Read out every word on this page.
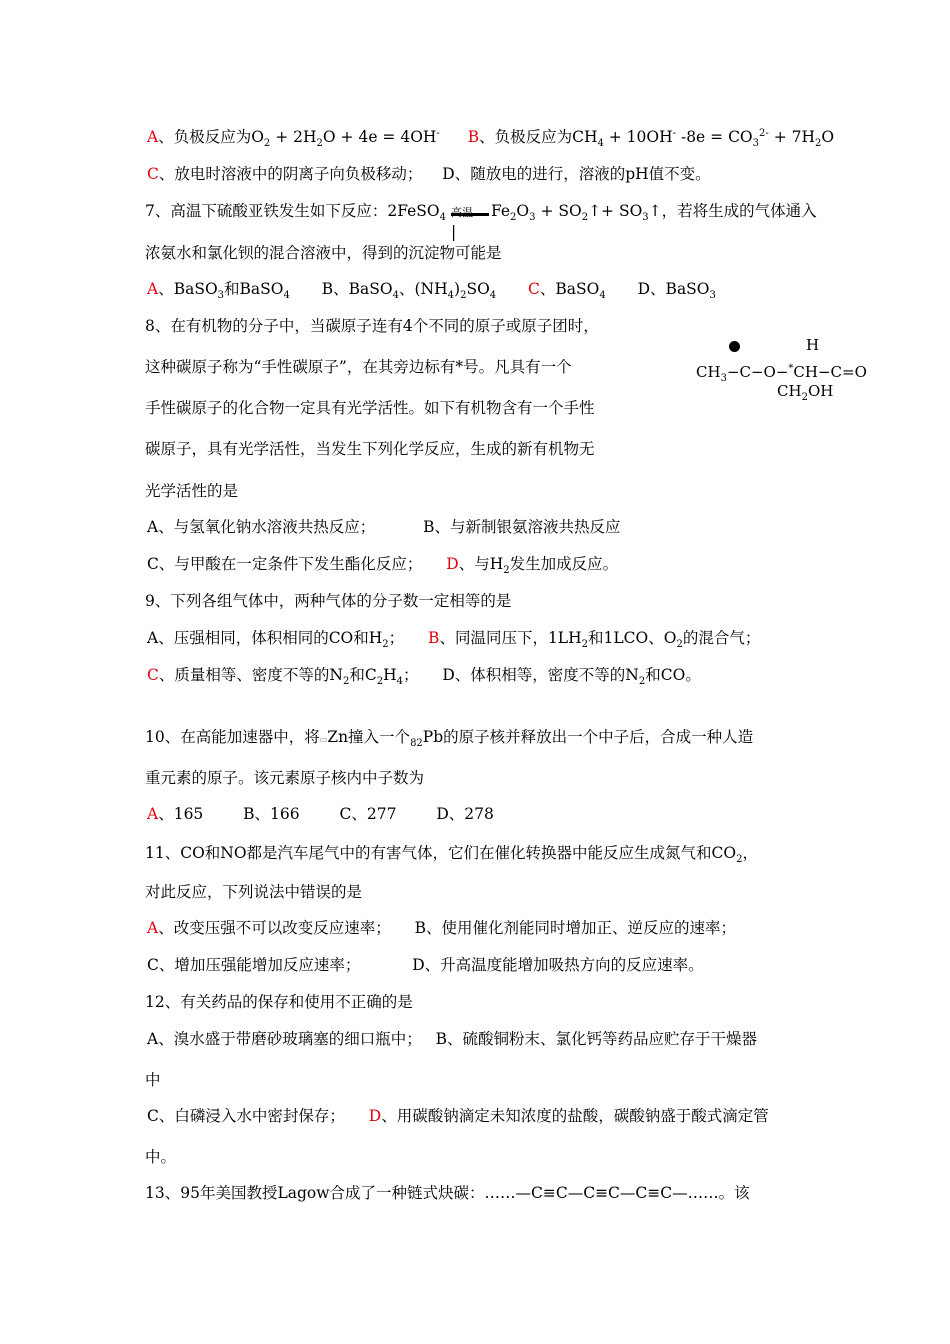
A、负极反应为$O_2 + 2H_2O + 4e = 4OH^-$ B、负极反应为$CH_4 + 10OH^-$ $-8e = CO_3^{2-} + 7H_2O$
C、放电时溶液中的阴离子向负极移动； D、随放电的进行，溶液的pH值不变。
7、高温下硫酸亚铁发生如下反应：2FeSO$_4$
|
$Fe_2O_3$ + $SO_2↑+$ $SO_3↑$，若将生成的气体通入
浓氨水和氯化钡的混合溶液中，得到的沉淀物可能是
A、BaSO$_3$和BaSO$_4$ B、BaSO$_4$、$(NH_4)_2SO_4$ C、BaSO$_4$ D、BaSO$_3$
8、在有机物的分子中，当碳原子连有4个不同的原子或原子团时，
这种碳原子称为“手性碳原子”，在其旁边标有*号。凡具有一个
手性碳原子的化合物一定具有光学活性。如下有机物含有一个手性
碳原子，具有光学活性，当发生下列化学反应，生成的新有机物无
光学活性的是
H
$CH_3-C-O-^*CH-C=O$
$CH_2OH$
A、与氢氧化钠水溶液共热反应；	B、与新制银氨溶液共热反应
C、与甲酸在一定条件下发生酯化反应； D、与$H_2$发生加成反应。
9、下列各组气体中，两种气体的分子数一定相等的是
A、压强相同，体积相同的CO和$H_2$； B、同温同压下，$1LH_2$和1LCO、$O_2$的混合气；
C、质量相等、密度不等的$N_2$和$C_2H_4$； D、体积相等，密度不等的$N_2$和CO。
10、在高能加速器中，将▭Zn撞入一个$_{82}$Pb的原子核并释放出一个中子后，合成一种人造
重元素的原子。该元素原子核内中子数为
A、165	B、166	C、277	D、278
11、CO和NO都是汽车尾气中的有害气体，它们在催化转换器中能反应生成氮气和$CO_2$，
对此反应，下列说法中错误的是
A、改变压强不可以改变反应速率； B、使用催化剂能同时增加正、逆反应的速率；
C、增加压强能增加反应速率；	D、升高温度能增加吸热方向的反应速率。
12、有关药品的保存和使用不正确的是
A、溴水盛于带磨砂玻璃塞的细口瓶中； B、硫酸铜粉末、氯化钙等药品应贮存于干燥器
中
C、白磷浸入水中密封保存； D、用碳酸钠滴定未知浓度的盐酸，碳酸钠盛于酸式滴定管
中。
13、95年美国教授Lagow合成了一种链式炔碳：……—C≡C—C≡C—C≡C—……。该
